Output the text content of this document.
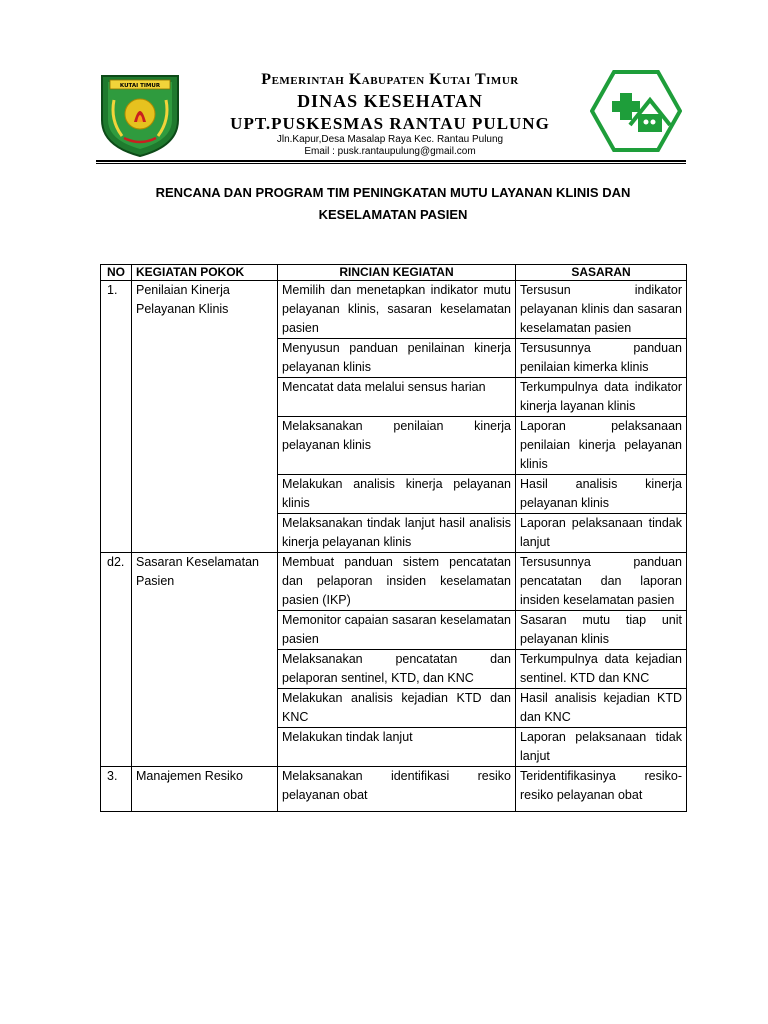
KUTAI TIMUR	Pemerintah Kabupaten Kutai Timur
DINAS KESEHATAN
UPT.PUSKESMAS RANTAU PULUNG
Jln.Kapur,Desa Masalap Raya Kec. Rantau Pulung
Email : pusk.rantaupulung@gmail.com
RENCANA DAN PROGRAM TIM PENINGKATAN MUTU LAYANAN KLINIS DAN
KESELAMATAN PASIEN
NO	KEGIATAN POKOK	RINCIAN KEGIATAN	SASARAN
1.	Penilaian Kinerja Pelayanan Klinis	Memilih dan menetapkan indikator mutu pelayanan klinis, sasaran keselamatan pasien	Tersusun indikator pelayanan klinis dan sasaran keselamatan pasien
		Menyusun panduan penilainan kinerja pelayanan klinis	Tersusunnya panduan penilaian kimerka klinis
		Mencatat data melalui sensus harian	Terkumpulnya data indikator kinerja layanan klinis
		Melaksanakan penilaian kinerja pelayanan klinis	Laporan pelaksanaan penilaian kinerja pelayanan klinis
		Melakukan analisis kinerja pelayanan klinis	Hasil analisis kinerja pelayanan klinis
		Melaksanakan tindak lanjut hasil analisis kinerja pelayanan klinis	Laporan pelaksanaan tindak lanjut
d2.	Sasaran Keselamatan Pasien	Membuat panduan sistem pencatatan dan pelaporan insiden keselamatan pasien (IKP)	Tersusunnya panduan pencatatan dan laporan insiden keselamatan pasien
		Memonitor capaian sasaran keselamatan pasien	Sasaran mutu tiap unit pelayanan klinis
		Melaksanakan pencatatan dan pelaporan sentinel, KTD, dan KNC	Terkumpulnya data kejadian sentinel. KTD dan KNC
		Melakukan analisis kejadian KTD dan KNC	Hasil analisis kejadian KTD dan KNC
		Melakukan tindak lanjut	Laporan pelaksanaan tidak lanjut
3.	Manajemen Resiko	Melaksanakan identifikasi resiko pelayanan obat	Teridentifikasinya resiko-resiko pelayanan obat
